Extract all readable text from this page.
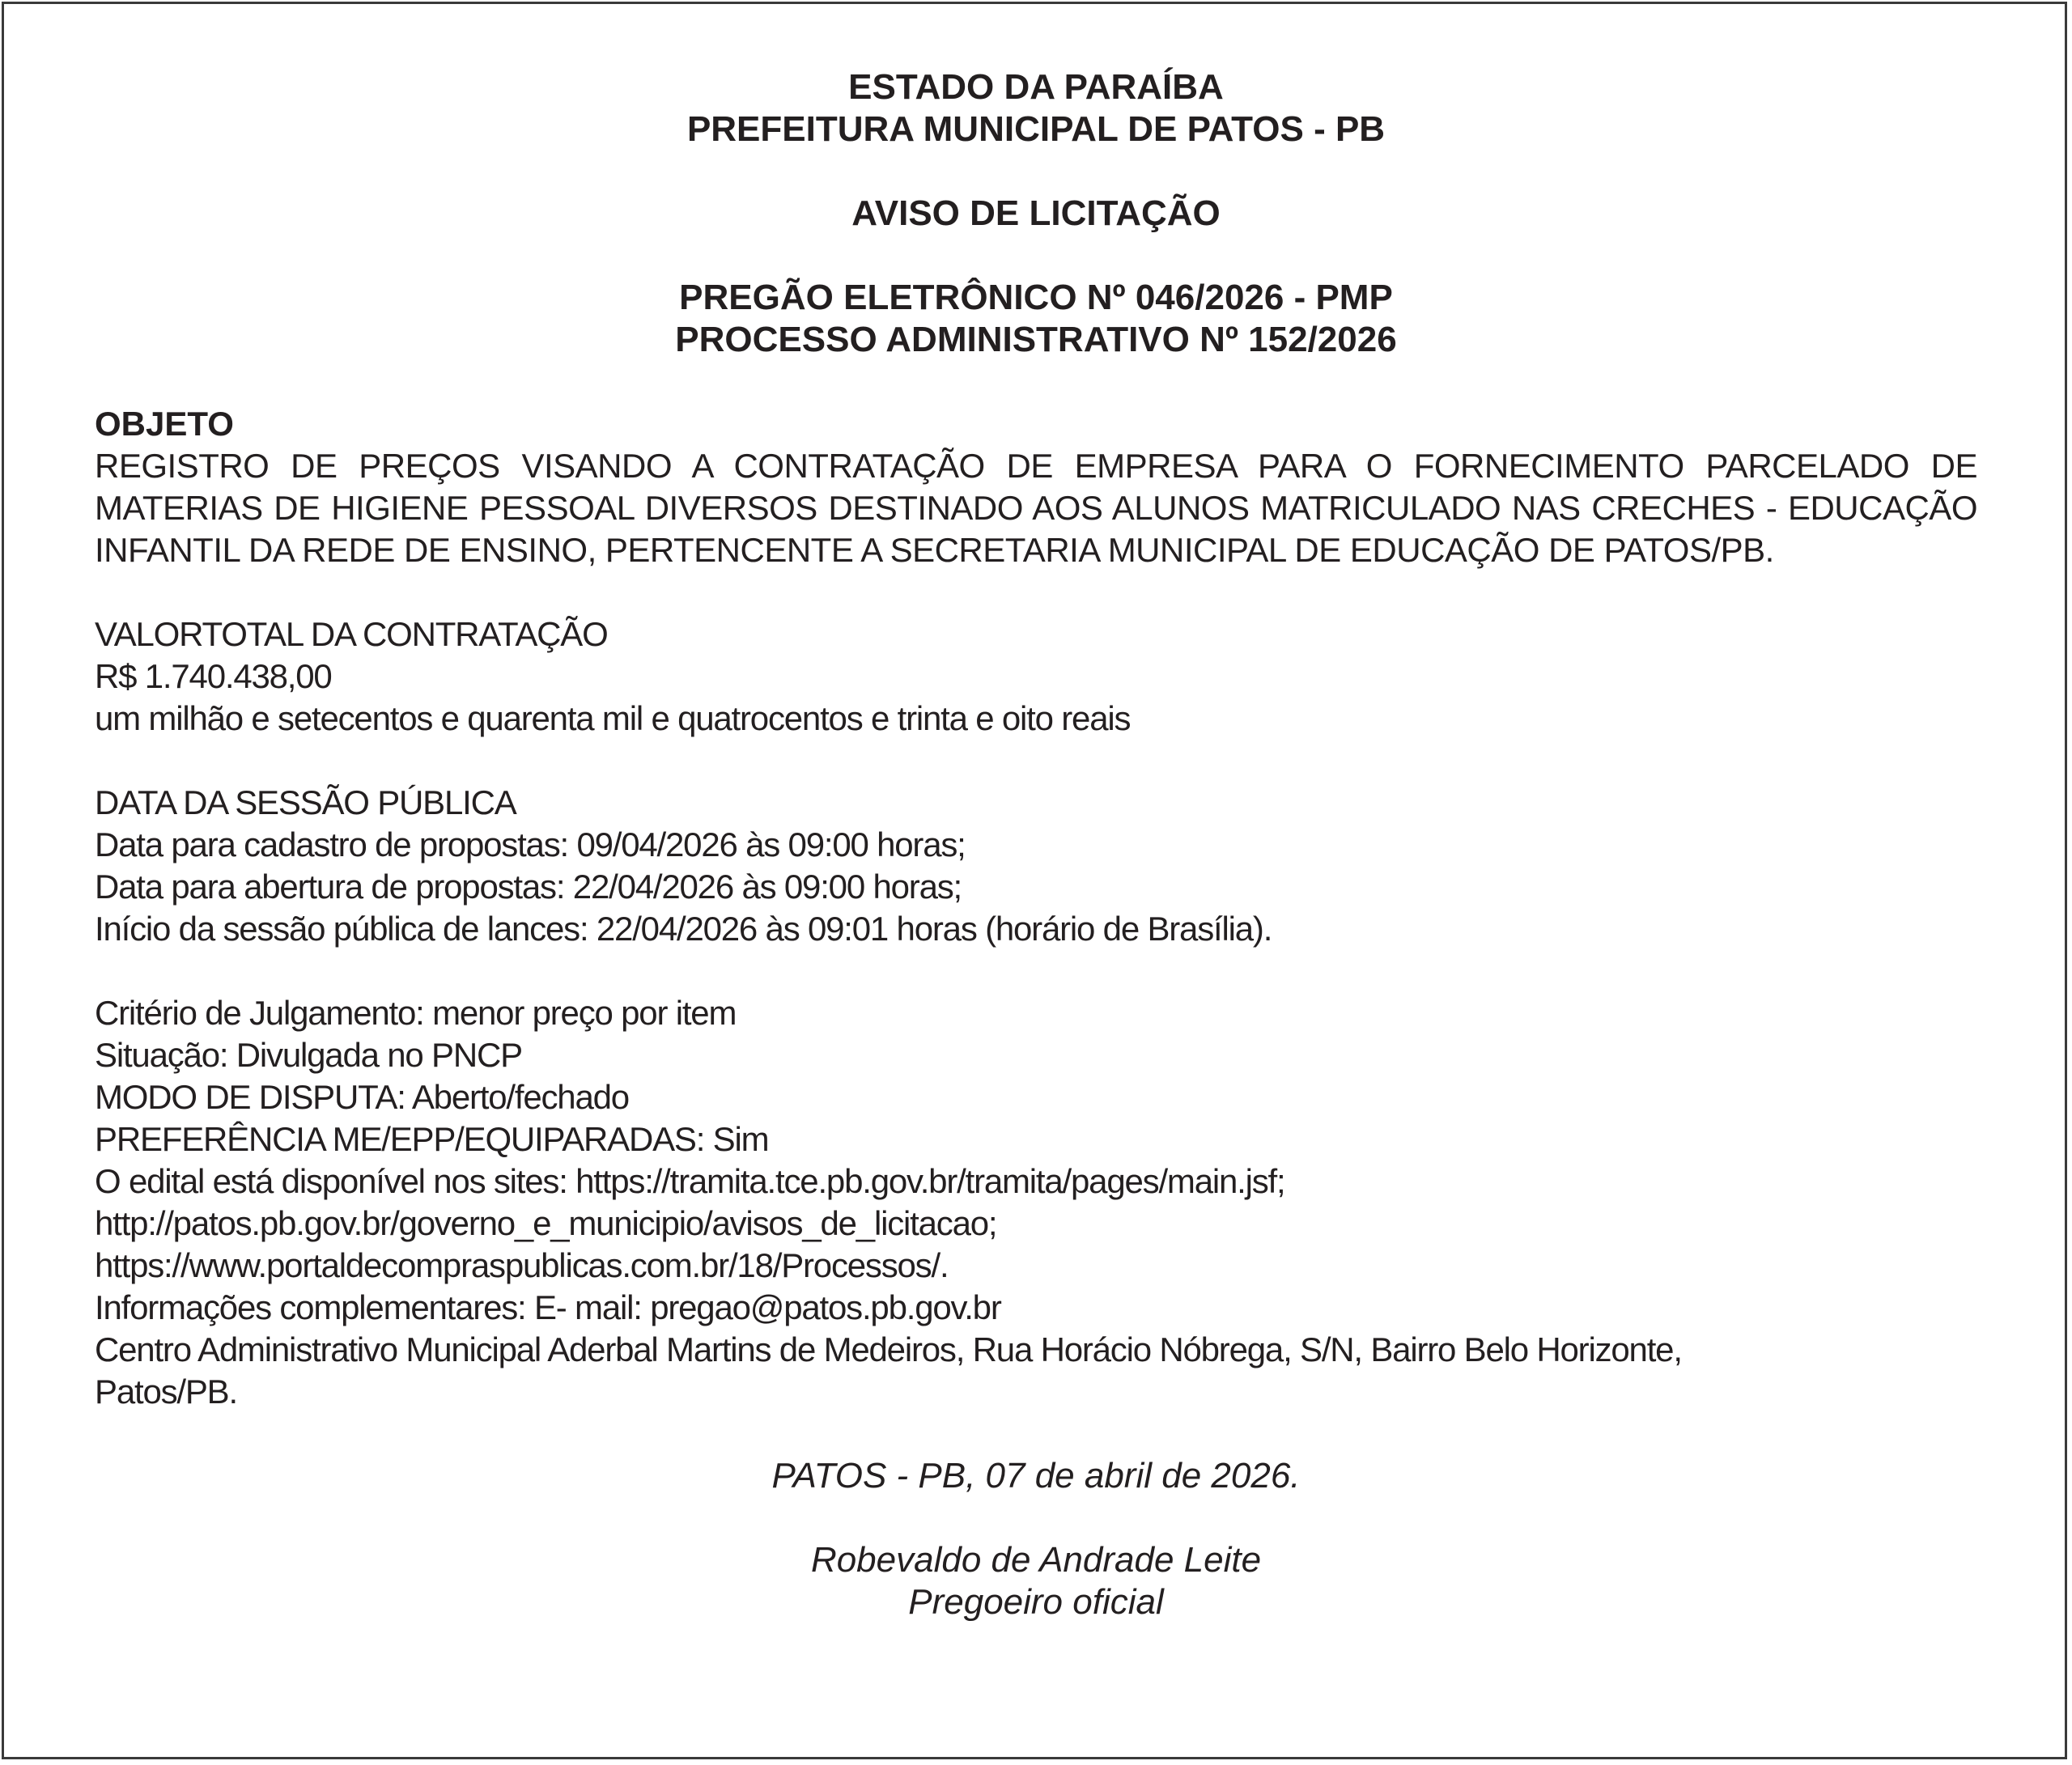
ESTADO DA PARAÍBA
PREFEITURA MUNICIPAL DE PATOS - PB
AVISO DE LICITAÇÃO
PREGÃO ELETRÔNICO Nº 046/2026 - PMP
PROCESSO ADMINISTRATIVO Nº 152/2026
OBJETO
REGISTRO DE PREÇOS VISANDO A CONTRATAÇÃO DE EMPRESA PARA O FORNECIMENTO PARCELADO DE MATERIAS DE HIGIENE PESSOAL DIVERSOS DESTINADO AOS ALUNOS MATRICULADO NAS CRECHES - EDUCAÇÃO INFANTIL DA REDE DE ENSINO, PERTENCENTE A SECRETARIA MUNICIPAL DE EDUCAÇÃO DE PATOS/PB.
VALORTOTAL DA CONTRATAÇÃO
R$ 1.740.438,00
um milhão e setecentos e quarenta mil e quatrocentos e trinta e oito reais
DATA DA SESSÃO PÚBLICA
Data para cadastro de propostas: 09/04/2026 às 09:00 horas;
Data para abertura de propostas: 22/04/2026 às 09:00 horas;
Início da sessão pública de lances: 22/04/2026 às 09:01 horas (horário de Brasília).
Critério de Julgamento: menor preço por item
Situação: Divulgada no PNCP
MODO DE DISPUTA: Aberto/fechado
PREFERÊNCIA ME/EPP/EQUIPARADAS: Sim
O edital está disponível nos sites: https://tramita.tce.pb.gov.br/tramita/pages/main.jsf;
http://patos.pb.gov.br/governo_e_municipio/avisos_de_licitacao;
https://www.portaldecompraspublicas.com.br/18/Processos/.
Informações complementares: E- mail: pregao@patos.pb.gov.br
Centro Administrativo Municipal Aderbal Martins de Medeiros, Rua Horácio Nóbrega, S/N, Bairro Belo Horizonte,
Patos/PB.
PATOS - PB, 07 de abril de 2026.
Robevaldo de Andrade Leite
Pregoeiro oficial
